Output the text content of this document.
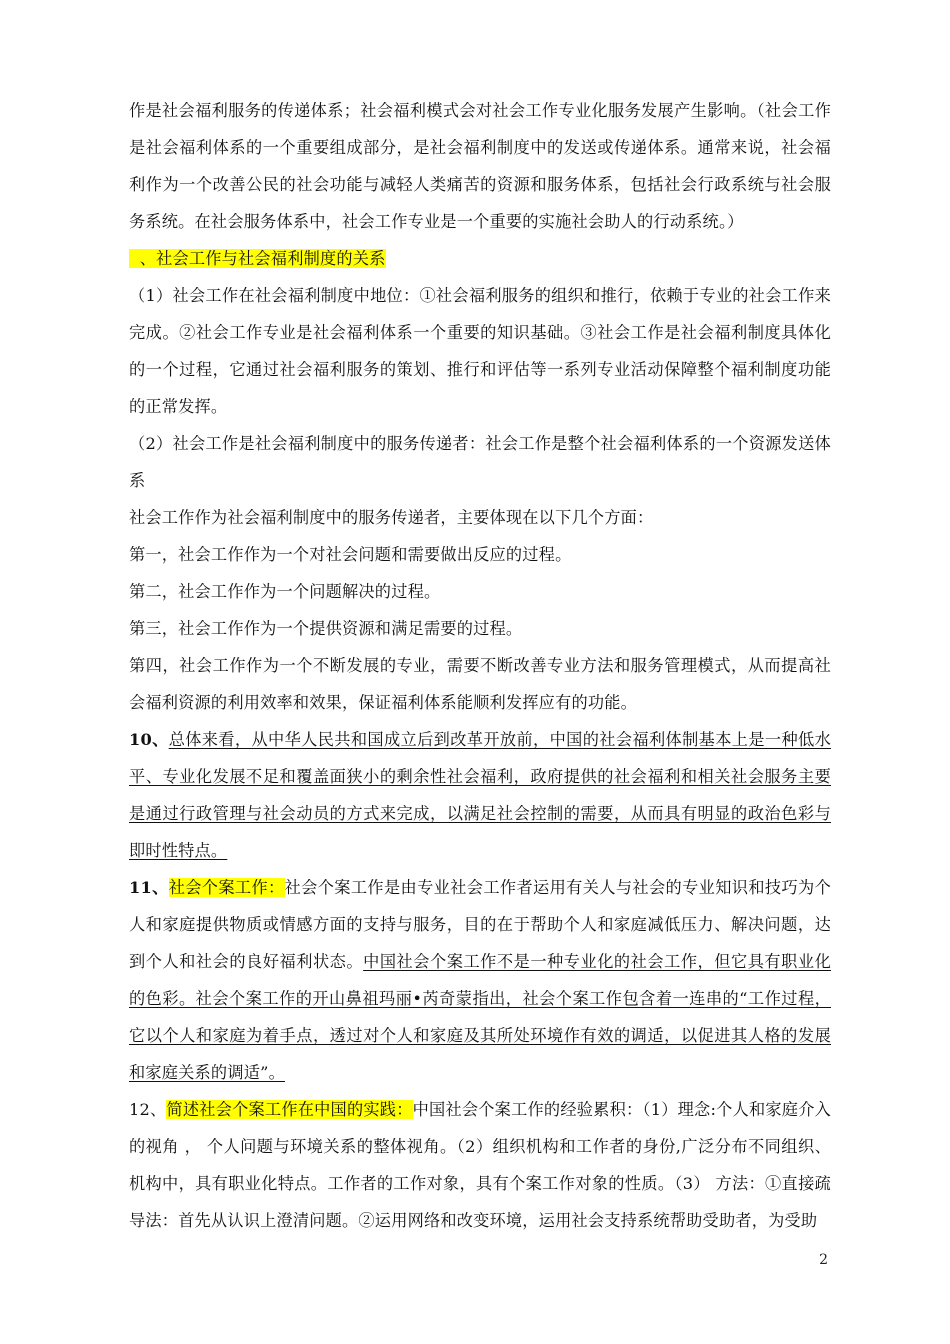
作是社会福利服务的传递体系；社会福利模式会对社会工作专业化服务发展产生影响。（社会工作是社会福利体系的一个重要组成部分，是社会福利制度中的发送或传递体系。通常来说，社会福利作为一个改善公民的社会功能与减轻人类痛苦的资源和服务体系，包括社会行政系统与社会服务系统。在社会服务体系中，社会工作专业是一个重要的实施社会助人的行动系统。）

、社会工作与社会福利制度的关系

（1）社会工作在社会福利制度中地位：①社会福利服务的组织和推行，依赖于专业的社会工作来完成。②社会工作专业是社会福利体系一个重要的知识基础。③社会工作是社会福利制度具体化的一个过程，它通过社会福利服务的策划、推行和评估等一系列专业活动保障整个福利制度功能的正常发挥。

（2）社会工作是社会福利制度中的服务传递者：社会工作是整个社会福利体系的一个资源发送体系

社会工作作为社会福利制度中的服务传递者，主要体现在以下几个方面：

第一，社会工作作为一个对社会问题和需要做出反应的过程。

第二，社会工作作为一个问题解决的过程。

第三，社会工作作为一个提供资源和满足需要的过程。

第四，社会工作作为一个不断发展的专业，需要不断改善专业方法和服务管理模式，从而提高社会福利资源的利用效率和效果，保证福利体系能顺利发挥应有的功能。

10、总体来看，从中华人民共和国成立后到改革开放前，中国的社会福利体制基本上是一种低水平、专业化发展不足和覆盖面狭小的剩余性社会福利，政府提供的社会福利和相关社会服务主要是通过行政管理与社会动员的方式来完成，以满足社会控制的需要，从而具有明显的政治色彩与即时性特点。

11、社会个案工作：社会个案工作是由专业社会工作者运用有关人与社会的专业知识和技巧为个人和家庭提供物质或情感方面的支持与服务，目的在于帮助个人和家庭减低压力、解决问题，达到个人和社会的良好福利状态。中国社会个案工作不是一种专业化的社会工作，但它具有职业化的色彩。社会个案工作的开山鼻祖玛丽•芮奇蒙指出，社会个案工作包含着一连串的“工作过程，它以个人和家庭为着手点，透过对个人和家庭及其所处环境作有效的调适，以促进其人格的发展和家庭关系的调适”。

12、简述社会个案工作在中国的实践：中国社会个案工作的经验累积：（1）理念:个人和家庭介入的视角 ， 个人问题与环境关系的整体视角。（2）组织机构和工作者的身份,广泛分布不同组织、机构中，具有职业化特点。工作者的工作对象，具有个案工作对象的性质。（3） 方法：①直接疏导法：首先从认识上澄清问题。②运用网络和改变环境，运用社会支持系统帮助受助者，为受助

2
